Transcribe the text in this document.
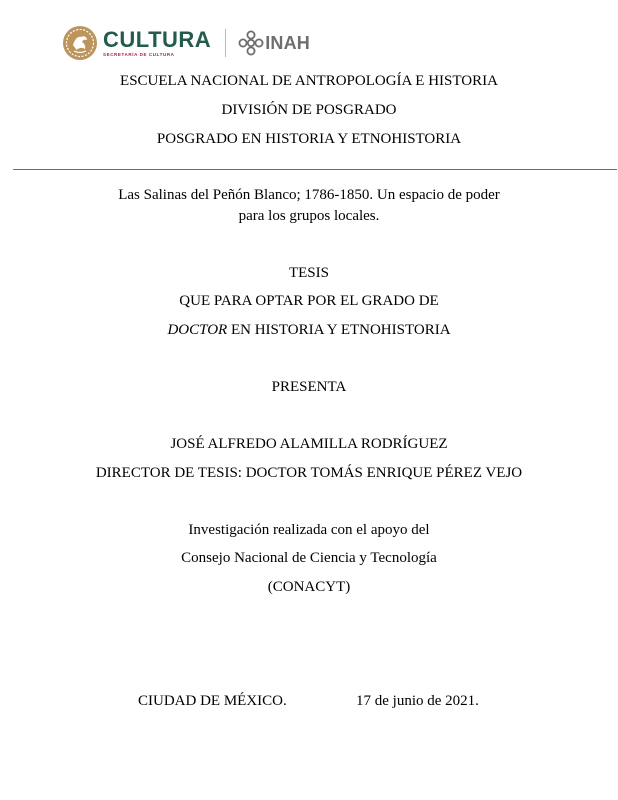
CULTURA
SECRETARÍA DE CULTURA
INAH
ESCUELA NACIONAL DE ANTROPOLOGÍA E HISTORIA
DIVISIÓN DE POSGRADO
POSGRADO EN HISTORIA Y ETNOHISTORIA
Las Salinas del Peñón Blanco; 1786-1850. Un espacio de poder
para los grupos locales.
TESIS
QUE PARA OPTAR POR EL GRADO DE
DOCTOR EN HISTORIA Y ETNOHISTORIA
PRESENTA
JOSÉ ALFREDO ALAMILLA RODRÍGUEZ
DIRECTOR DE TESIS: DOCTOR TOMÁS ENRIQUE PÉREZ VEJO
Investigación realizada con el apoyo del
Consejo Nacional de Ciencia y Tecnología
(CONACYT)
CIUDAD DE MÉXICO.	17 de junio de 2021.
